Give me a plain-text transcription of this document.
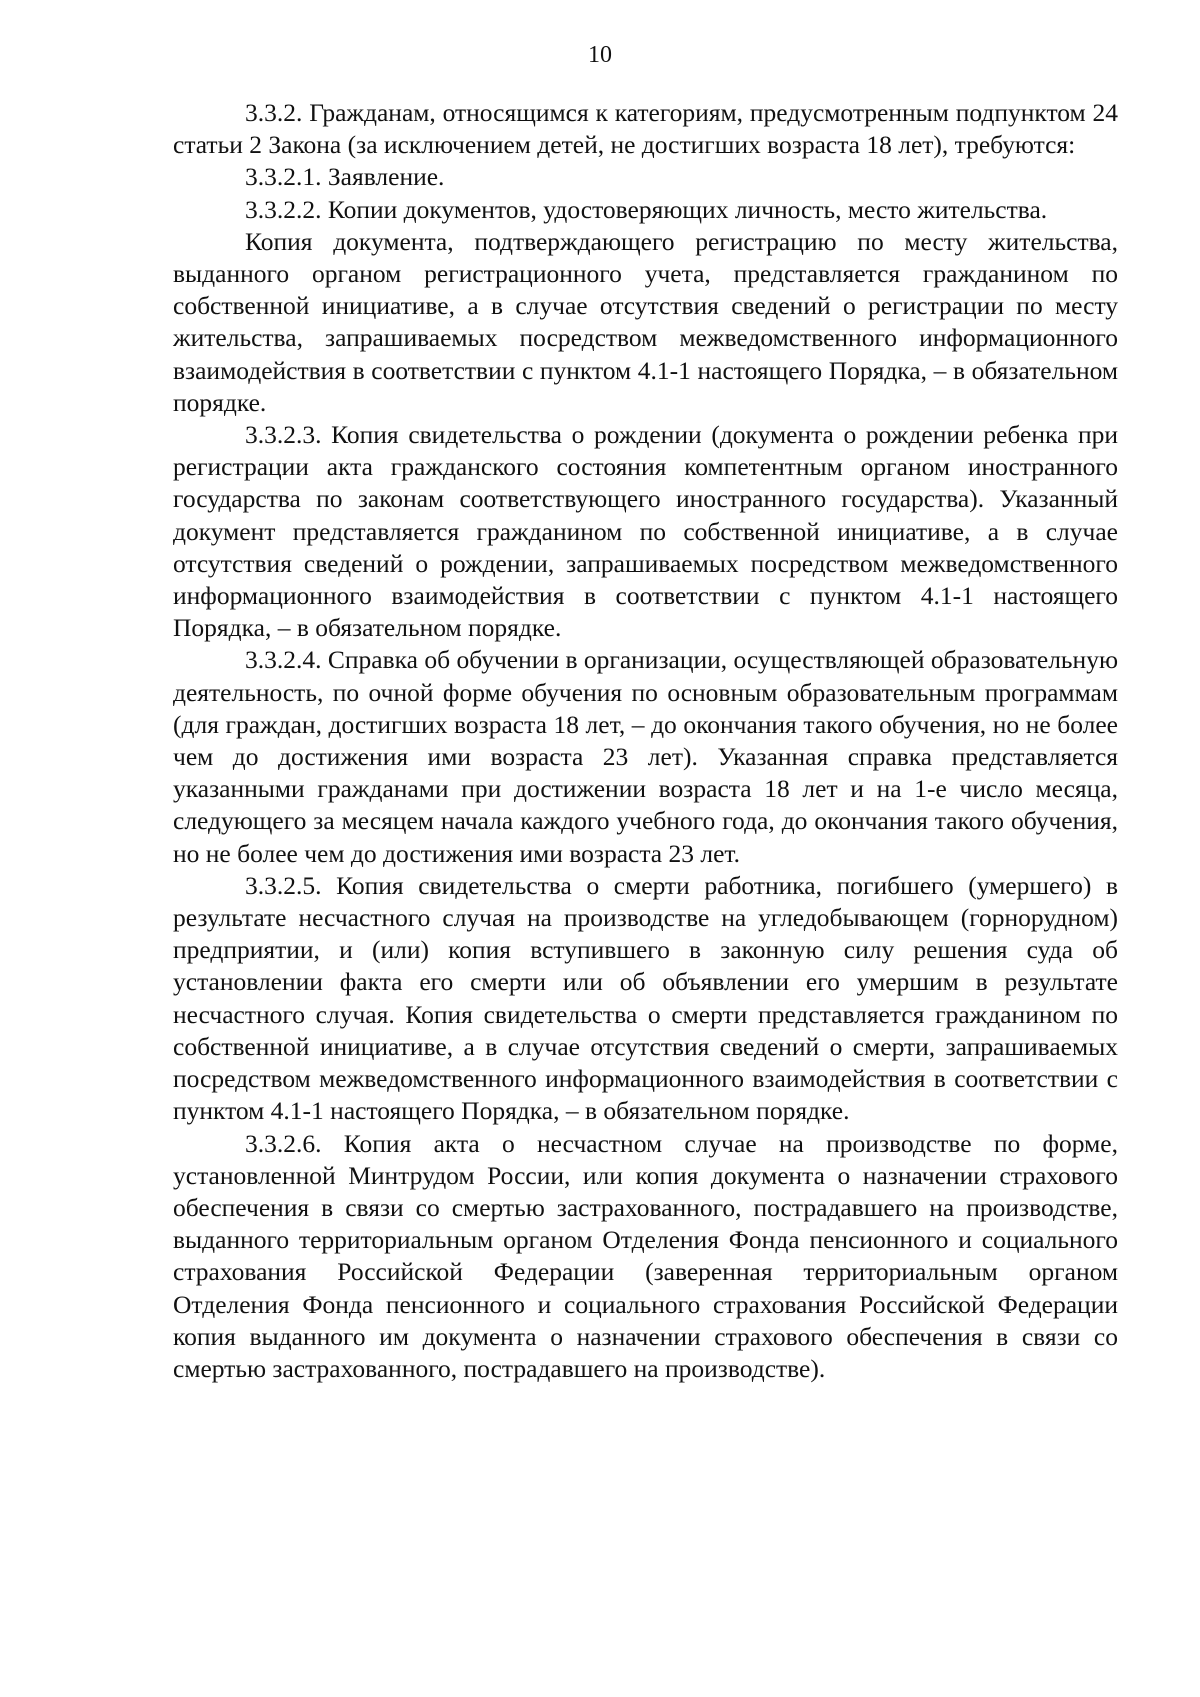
10

3.3.2. Гражданам, относящимся к категориям, предусмотренным подпунктом 24 статьи 2 Закона (за исключением детей, не достигших возраста 18 лет), требуются:

3.3.2.1. Заявление.

3.3.2.2. Копии документов, удостоверяющих личность, место жительства.

Копия документа, подтверждающего регистрацию по месту жительства, выданного органом регистрационного учета, представляется гражданином по собственной инициативе, а в случае отсутствия сведений о регистрации по месту жительства, запрашиваемых посредством межведомственного информационного взаимодействия в соответствии с пунктом 4.1-1 настоящего Порядка, – в обязательном порядке.

3.3.2.3. Копия свидетельства о рождении (документа о рождении ребенка при регистрации акта гражданского состояния компетентным органом иностранного государства по законам соответствующего иностранного государства). Указанный документ представляется гражданином по собственной инициативе, а в случае отсутствия сведений о рождении, запрашиваемых посредством межведомственного информационного взаимодействия в соответствии с пунктом 4.1-1 настоящего Порядка, – в обязательном порядке.

3.3.2.4. Справка об обучении в организации, осуществляющей образовательную деятельность, по очной форме обучения по основным образовательным программам (для граждан, достигших возраста 18 лет, – до окончания такого обучения, но не более чем до достижения ими возраста 23 лет). Указанная справка представляется указанными гражданами при достижении возраста 18 лет и на 1-е число месяца, следующего за месяцем начала каждого учебного года, до окончания такого обучения, но не более чем до достижения ими возраста 23 лет.

3.3.2.5. Копия свидетельства о смерти работника, погибшего (умершего) в результате несчастного случая на производстве на угледобывающем (горнорудном) предприятии, и (или) копия вступившего в законную силу решения суда об установлении факта его смерти или об объявлении его умершим в результате несчастного случая. Копия свидетельства о смерти представляется гражданином по собственной инициативе, а в случае отсутствия сведений о смерти, запрашиваемых посредством межведомственного информационного взаимодействия в соответствии с пунктом 4.1-1 настоящего Порядка, – в обязательном порядке.

3.3.2.6. Копия акта о несчастном случае на производстве по форме, установленной Минтрудом России, или копия документа о назначении страхового обеспечения в связи со смертью застрахованного, пострадавшего на производстве, выданного территориальным органом Отделения Фонда пенсионного и социального страхования Российской Федерации (заверенная территориальным органом Отделения Фонда пенсионного и социального страхования Российской Федерации копия выданного им документа о назначении страхового обеспечения в связи со смертью застрахованного, пострадавшего на производстве).
